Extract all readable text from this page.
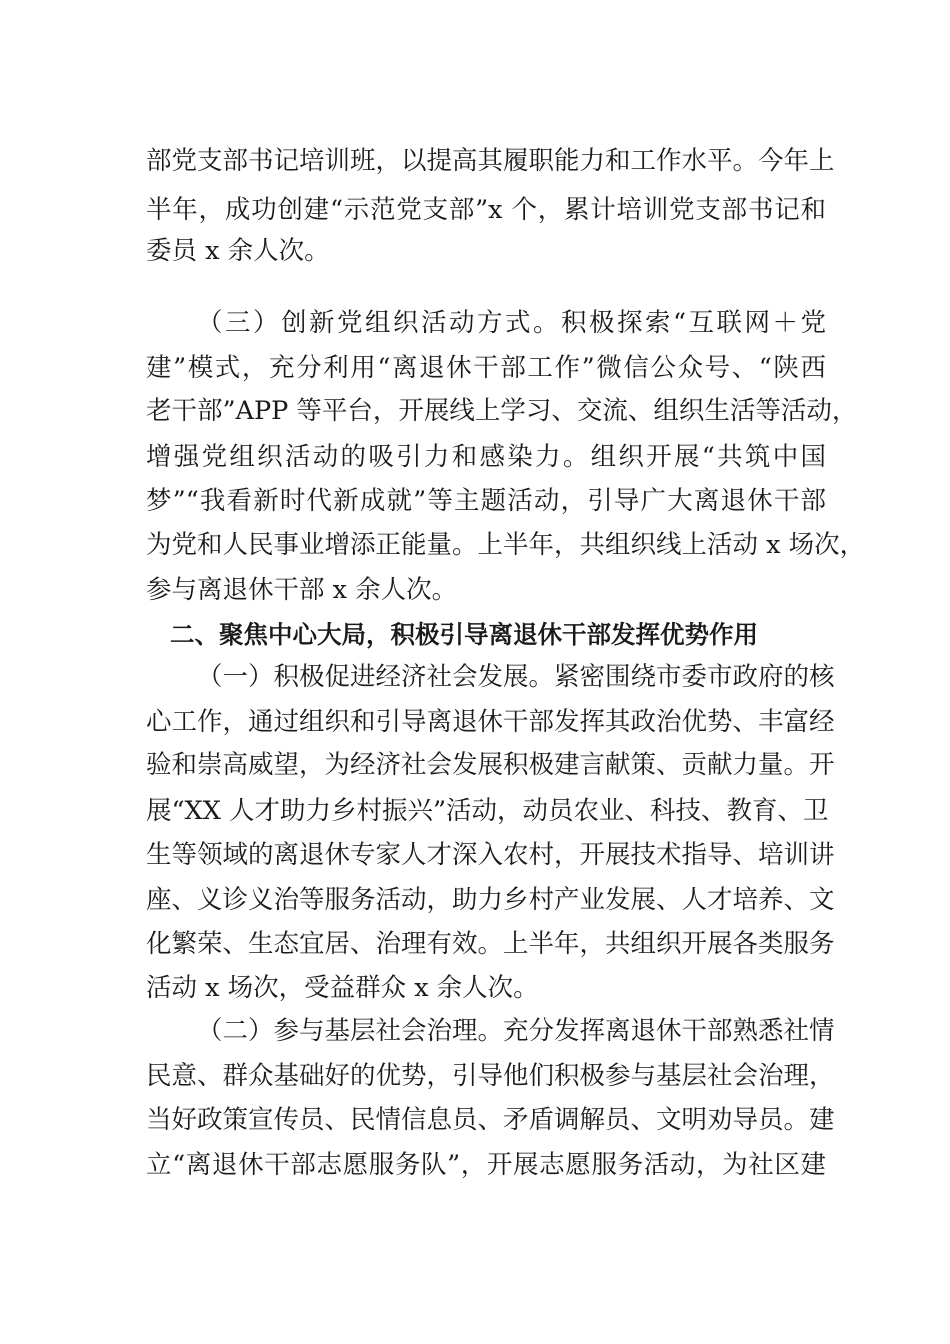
部党支部书记培训班，以提高其履职能力和工作水平。今年上
半年，成功创建“示范党支部”x 个，累计培训党支部书记和
委员 x 余人次。
（三）创新党组织活动方式。积极探索“互联网＋党
建”模式，充分利用“离退休干部工作”微信公众号、“陕西
老干部”APP 等平台，开展线上学习、交流、组织生活等活动，
增强党组织活动的吸引力和感染力。组织开展“共筑中国
梦”“我看新时代新成就”等主题活动，引导广大离退休干部
为党和人民事业增添正能量。上半年，共组织线上活动 x 场次，
参与离退休干部 x 余人次。
二、聚焦中心大局，积极引导离退休干部发挥优势作用
（一）积极促进经济社会发展。紧密围绕市委市政府的核
心工作，通过组织和引导离退休干部发挥其政治优势、丰富经
验和崇高威望，为经济社会发展积极建言献策、贡献力量。开
展“XX 人才助力乡村振兴”活动，动员农业、科技、教育、卫
生等领域的离退休专家人才深入农村，开展技术指导、培训讲
座、义诊义治等服务活动，助力乡村产业发展、人才培养、文
化繁荣、生态宜居、治理有效。上半年，共组织开展各类服务
活动 x 场次，受益群众 x 余人次。
（二）参与基层社会治理。充分发挥离退休干部熟悉社情
民意、群众基础好的优势，引导他们积极参与基层社会治理，
当好政策宣传员、民情信息员、矛盾调解员、文明劝导员。建
立“离退休干部志愿服务队”，开展志愿服务活动，为社区建
